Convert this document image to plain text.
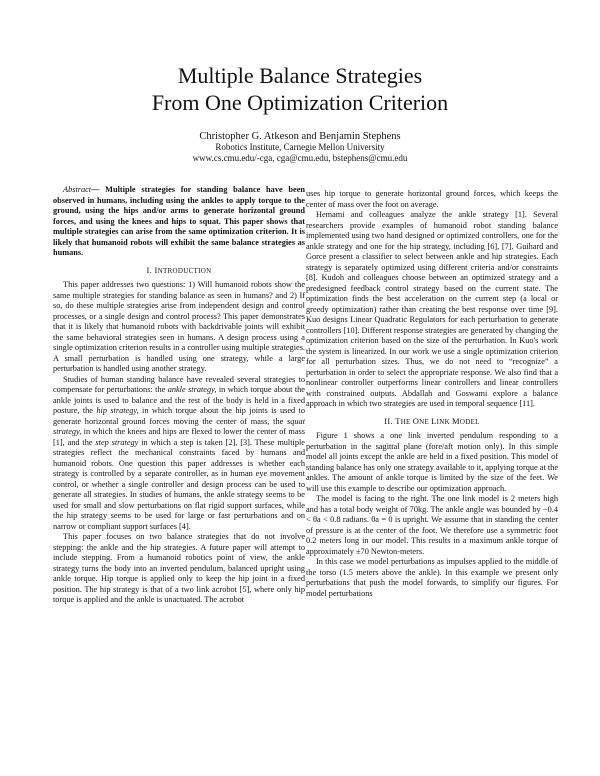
Multiple Balance Strategies
From One Optimization Criterion
Christopher G. Atkeson and Benjamin Stephens
Robotics Institute, Carnegie Mellon University
www.cs.cmu.edu/-cga, cga@cmu.edu, bstephens@cmu.edu

Abstract— Multiple strategies for standing balance have been observed in humans, including using the ankles to apply torque to the ground, using the hips and/or arms to generate horizontal ground forces, and using the knees and hips to squat. This paper shows that multiple strategies can arise from the same optimization criterion. It is likely that humanoid robots will exhibit the same balance strategies as humans.

I. INTRODUCTION

This paper addresses two questions: 1) Will humanoid robots show the same multiple strategies for standing balance as seen in humans? and 2) If so, do these multiple strategies arise from independent design and control processes, or a single design and control process? This paper demonstrates that it is likely that humanoid robots with backdrivable joints will exhibit the same behavioral strategies seen in humans. A design process using a single optimization criterion results in a controller using multiple strategies. A small perturbation is handled using one strategy, while a large perturbation is handled using another strategy.

Studies of human standing balance have revealed several strategies to compensate for perturbations: the ankle strategy, in which torque about the ankle joints is used to balance and the rest of the body is held in a fixed posture, the hip strategy, in which torque about the hip joints is used to generate horizontal ground forces moving the center of mass, the squat strategy, in which the knees and hips are flexed to lower the center of mass [1], and the step strategy in which a step is taken [2], [3]. These multiple strategies reflect the mechanical constraints faced by humans and humanoid robots. One question this paper addresses is whether each strategy is controlled by a separate controller, as in human eye movement control, or whether a single controller and design process can be used to generate all strategies. In studies of humans, the ankle strategy seems to be used for small and slow perturbations on flat rigid support surfaces, while the hip strategy seems to be used for large or fast perturbations and on narrow or compliant support surfaces [4].

This paper focuses on two balance strategies that do not involve stepping: the ankle and the hip strategies. A future paper will attempt to include stepping. From a humanoid robotics point of view, the ankle strategy turns the body into an inverted pendulum, balanced upright using ankle torque. Hip torque is applied only to keep the hip joint in a fixed position. The hip strategy is that of a two link acrobot [5], where only hip torque is applied and the ankle is unactuated. The acrobot

uses hip torque to generate horizontal ground forces, which keeps the center of mass over the foot on average.

Hemami and colleagues analyze the ankle strategy [1]. Several researchers provide examples of humanoid robot standing balance implemented using two hand designed or optimized controllers, one for the ankle strategy and one for the hip strategy, including [6], [7]. Guihard and Gorce present a classifier to select between ankle and hip strategies. Each strategy is separately optimized using different criteria and/or constraints [8]. Kudoh and colleagues choose between an optimized strategy and a predesigned feedback control strategy based on the current state. The optimization finds the best acceleration on the current step (a local or greedy optimization) rather than creating the best response over time [9]. Kuo designs Linear Quadratic Regulators for each perturbation to generate controllers [10]. Different response strategies are generated by changing the optimization criterion based on the size of the perturbation. In Kuo's work the system is linearized. In our work we use a single optimization criterion for all perturbation sizes. Thus, we do not need to “recognize” a perturbation in order to select the appropriate response. We also find that a nonlinear controller outperforms linear controllers and linear controllers with constrained outputs. Abdallah and Goswami explore a balance approach in which two strategies are used in temporal sequence [11].

II. THE ONE LINK MODEL

Figure 1 shows a one link inverted pendulum responding to a perturbation in the sagittal plane (fore/aft motion only). In this simple model all joints except the ankle are held in a fixed position. This model of standing balance has only one strategy available to it, applying torque at the ankles. The amount of ankle torque is limited by the size of the feet. We will use this example to describe our optimization approach.

The model is facing to the right. The one link model is 2 meters high and has a total body weight of 70kg. The ankle angle was bounded by −0.4 < θa < 0.8 radians. θa = 0 is upright. We assume that in standing the center of pressure is at the center of the foot. We therefore use a symmetric foot 0.2 meters long in our model. This results in a maximum ankle torque of approximately ±70 Newton-meters.

In this case we model perturbations as impulses applied to the middle of the torso (1.5 meters above the ankle). In this example we present only perturbations that push the model forwards, to simplify our figures. For model perturbations
